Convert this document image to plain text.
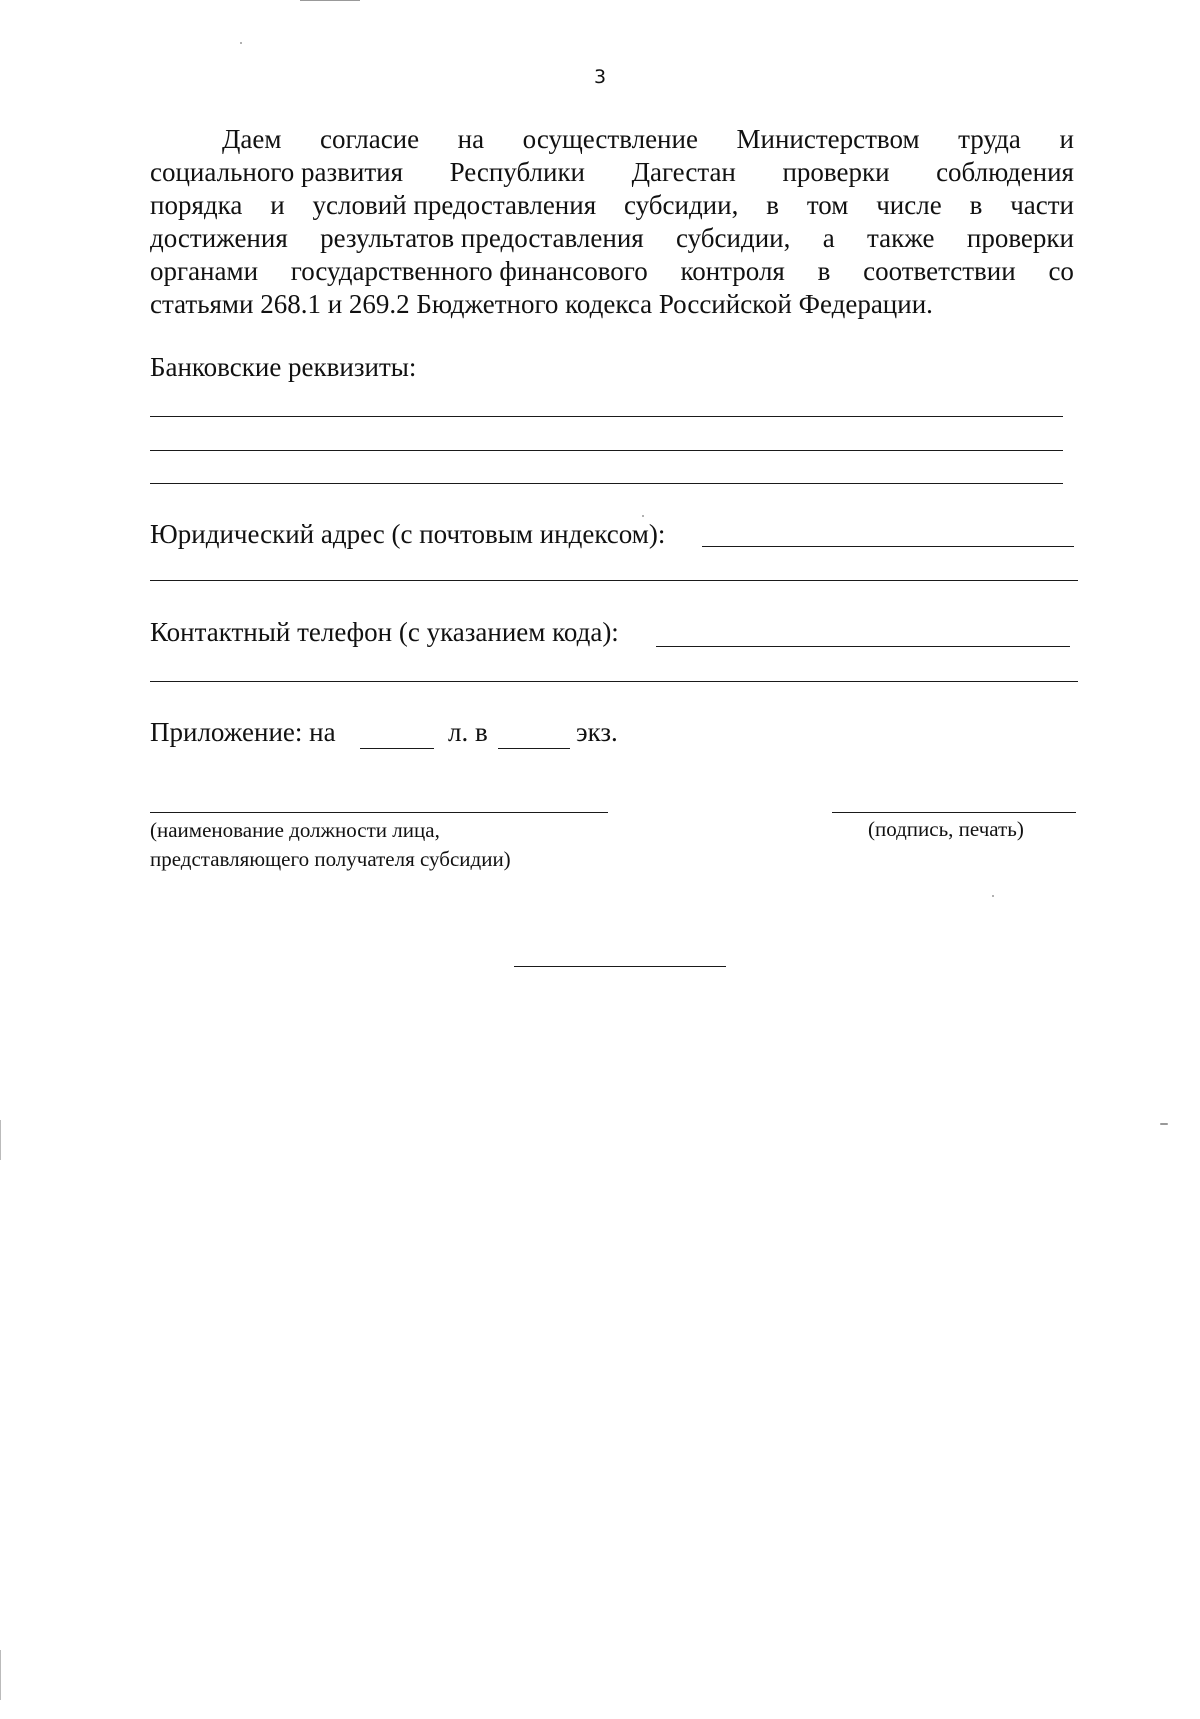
3
Даем согласие на осуществление Министерством труда и
социального развития Республики Дагестан проверки соблюдения
порядка и условий предоставления субсидии, в том числе в части
достижения результатов предоставления субсидии, а также проверки
органами государственного финансового контроля в соответствии со
статьями 268.1 и 269.2 Бюджетного кодекса Российской Федерации.
Банковские реквизиты:
Юридический адрес (с почтовым индексом):
Контактный телефон (с указанием кода):
Приложение: на	л. в	экз.
(наименование должности лица,
представляющего получателя субсидии)
(подпись, печать)
